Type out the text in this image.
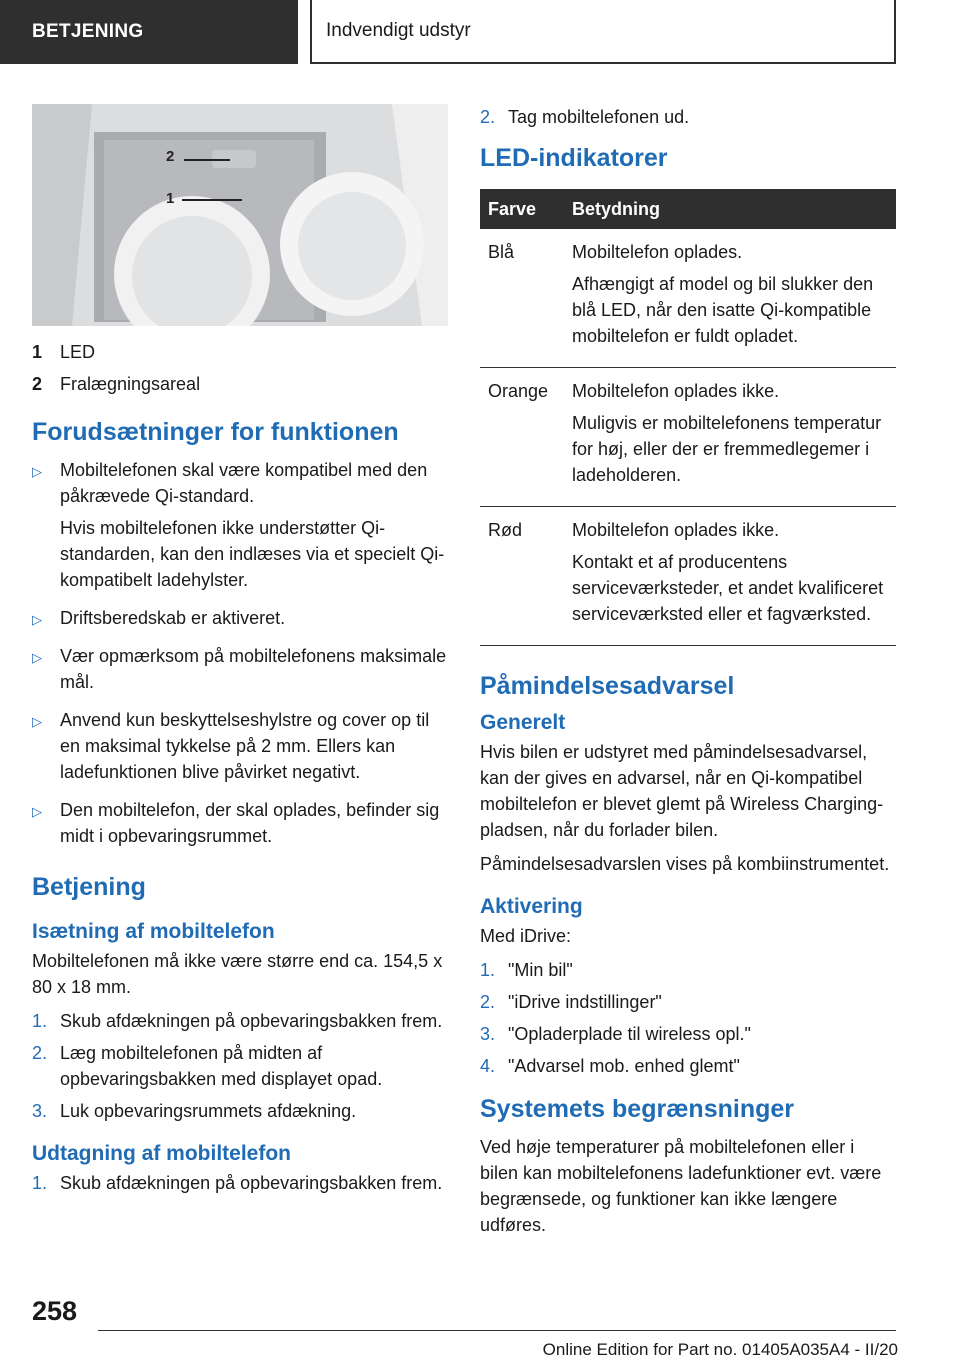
BETJENING	Indvendigt udstyr
2
1
1 LED
2 Fralægningsareal
Forudsætninger for funktionen
▷	Mobiltelefonen skal være kompatibel med den påkrævede Qi-standard.

Hvis mobiltelefonen ikke understøtter Qi-standarden, kan den indlæses via et specielt Qi-kompatibelt ladehylster.

▷	Driftsberedskab er aktiveret.

▷	Vær opmærksom på mobiltelefonens maksimale mål.

▷	Anvend kun beskyttelseshylstre og cover op til en maksimal tykkelse på 2 mm. Ellers kan ladefunktionen blive påvirket negativt.

▷	Den mobiltelefon, der skal oplades, befinder sig midt i opbevaringsrummet.

Betjening
Isætning af mobiltelefon

Mobiltelefonen må ikke være større end ca. 154,5 x 80 x 18 mm.

1. Skub afdækningen på opbevaringsbakken frem.
2. Læg mobiltelefonen på midten af opbevaringsbakken med displayet opad.
3. Luk opbevaringsrummets afdækning.
Udtagning af mobiltelefon
1. Skub afdækningen på opbevaringsbakken frem.
2. Tag mobiltelefonen ud.
LED-indikatorer
Farve	Betydning
Blå	Mobiltelefon oplades.

Afhængigt af model og bil slukker den blå LED, når den isatte Qi-kompatible mobiltelefon er fuldt opladet.

Orange	Mobiltelefon oplades ikke.

Muligvis er mobiltelefonens temperatur for høj, eller der er fremmedlegemer i ladeholderen.

Rød	Mobiltelefon oplades ikke.

Kontakt et af producentens serviceværksteder, et andet kvalificeret serviceværksted eller et fagværksted.

Påmindelsesadvarsel
Generelt

Hvis bilen er udstyret med påmindelsesadvarsel, kan der gives en advarsel, når en Qi-kompatibel mobiltelefon er blevet glemt på Wireless Charging-pladsen, når du forlader bilen.

Påmindelsesadvarslen vises på kombiinstrumentet.

Aktivering

Med iDrive:

1. "Min bil"
2. "iDrive indstillinger"
3. "Opladerplade til wireless opl."
4. "Advarsel mob. enhed glemt"
Systemets begrænsninger

Ved høje temperaturer på mobiltelefonen eller i bilen kan mobiltelefonens ladefunktioner evt. være begrænsede, og funktioner kan ikke længere udføres.

258
Online Edition for Part no. 01405A035A4 - II/20
